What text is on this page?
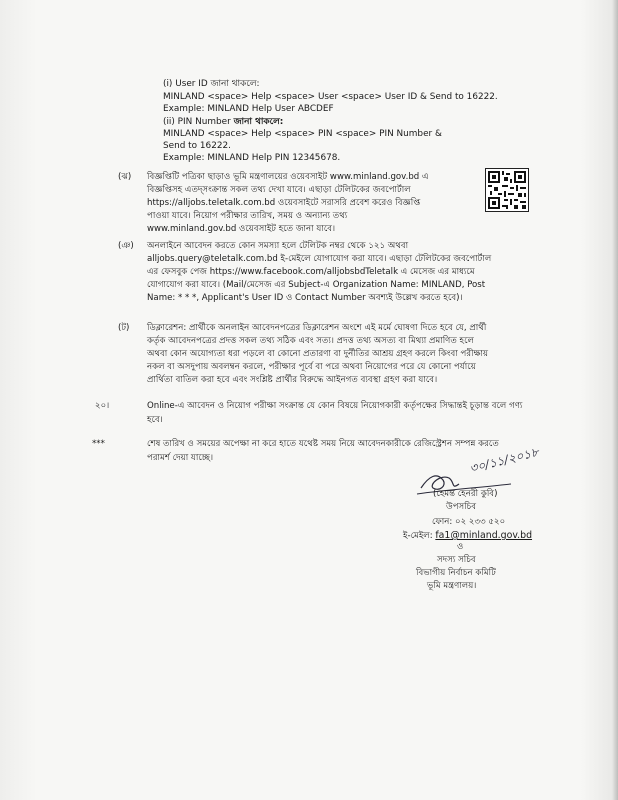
(i) User ID জানা থাকলে:
MINLAND <space> Help <space> User <space> User ID & Send to 16222.
Example: MINLAND Help User ABCDEF
(ii) PIN Number জানা থাকলে:
MINLAND <space> Help <space> PIN <space> PIN Number &
Send to 16222.
Example: MINLAND Help PIN 12345678.
(ঝ) বিজ্ঞপ্তিটি পত্রিকা ছাড়াও ভূমি মন্ত্রণালয়ের ওয়েবসাইট www.minland.gov.bd এ
বিজ্ঞপ্তিসহ এতদ্সংক্রান্ত সকল তথ্য দেখা যাবে। এছাড়া টেলিটকের জবপোর্টাল
https://alljobs.teletalk.com.bd ওয়েবসাইটে সরাসরি প্রবেশ করেও বিজ্ঞপ্তি
পাওয়া যাবে। নিয়োগ পরীক্ষার তারিখ, সময় ও অন্যান্য তথ্য
www.minland.gov.bd ওয়েবসাইট হতে জানা যাবে।
(ঞ) অনলাইনে আবেদন করতে কোন সমস্যা হলে টেলিটক নম্বর থেকে ১২১ অথবা
alljobs.query@teletalk.com.bd ই-মেইলে যোগাযোগ করা যাবে। এছাড়া টেলিটকের জবপোর্টাল
এর ফেসবুক পেজ https://www.facebook.com/alljobsbdTeletalk এ মেসেজ এর মাধ্যমে
যোগাযোগ করা যাবে। (Mail/মেসেজ এর Subject-এ Organization Name: MINLAND, Post
Name: * * *, Applicant's User ID ও Contact Number অবশ্যই উল্লেখ করতে হবে)।
(ট) ডিক্লারেশন: প্রার্থীকে অনলাইন আবেদনপত্রের ডিক্লারেশন অংশে এই মর্মে ঘোষণা দিতে হবে যে, প্রার্থী
কর্তৃক আবেদনপত্রের প্রদত্ত সকল তথ্য সঠিক এবং সত্য। প্রদত্ত তথ্য অসত্য বা মিথ্যা প্রমাণিত হলে
অথবা কোন অযোগ্যতা ধরা পড়লে বা কোনো প্রতারণা বা দুর্নীতির আশ্রয় গ্রহণ করলে কিংবা পরীক্ষায়
নকল বা অসদুপায় অবলম্বন করলে, পরীক্ষার পূর্বে বা পরে অথবা নিয়োগের পরে যে কোনো পর্যায়ে
প্রার্থিতা বাতিল করা হবে এবং সংশ্লিষ্ট প্রার্থীর বিরুদ্ধে আইনগত ব্যবস্থা গ্রহণ করা যাবে।
২০।	Online-এ আবেদন ও নিয়োগ পরীক্ষা সংক্রান্ত যে কোন বিষয়ে নিয়োগকারী কর্তৃপক্ষের সিদ্ধান্তই চূড়ান্ত বলে গণ্য
হবে।
***	শেষ তারিখ ও সময়ের অপেক্ষা না করে হাতে যথেষ্ট সময় নিয়ে আবেদনকারীকে রেজিস্ট্রেশন সম্পন্ন করতে
পরামর্শ দেয়া যাচ্ছে।	৩০/১১/২০১৮
(হেমন্ত হেনরী কুবি)
উপসচিব
ফোন: ০২ ২৩৩ ৫২০
ই-মেইল: fa1@minland.gov.bd
ও
সদস্য সচিব
বিভাগীয় নির্বাচন কমিটি
ভূমি মন্ত্রণালয়।
